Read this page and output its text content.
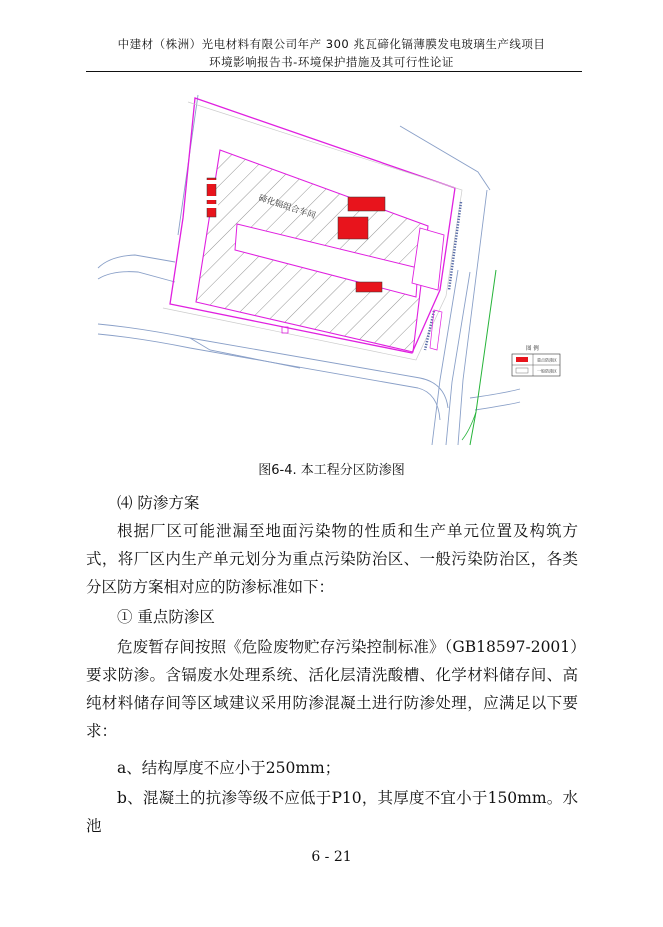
中建材（株洲）光电材料有限公司年产 300 兆瓦碲化镉薄膜发电玻璃生产线项目
环境影响报告书-环境保护措施及其可行性论证
碲化镉组合车间
图 例
重点防渗区
一般防渗区
图6-4. 本工程分区防渗图

⑷ 防渗方案

根据厂区可能泄漏至地面污染物的性质和生产单元位置及构筑方式，将厂区内生产单元划分为重点污染防治区、一般污染防治区，各类分区防方案相对应的防渗标准如下：

① 重点防渗区

危废暂存间按照《危险废物贮存污染控制标准》（GB18597-2001）要求防渗。含镉废水处理系统、活化层清洗酸槽、化学材料储存间、高纯材料储存间等区域建议采用防渗混凝土进行防渗处理，应满足以下要求：

a、结构厚度不应小于250mm；

b、混凝土的抗渗等级不应低于P10，其厚度不宜小于150mm。水池

6 - 21
